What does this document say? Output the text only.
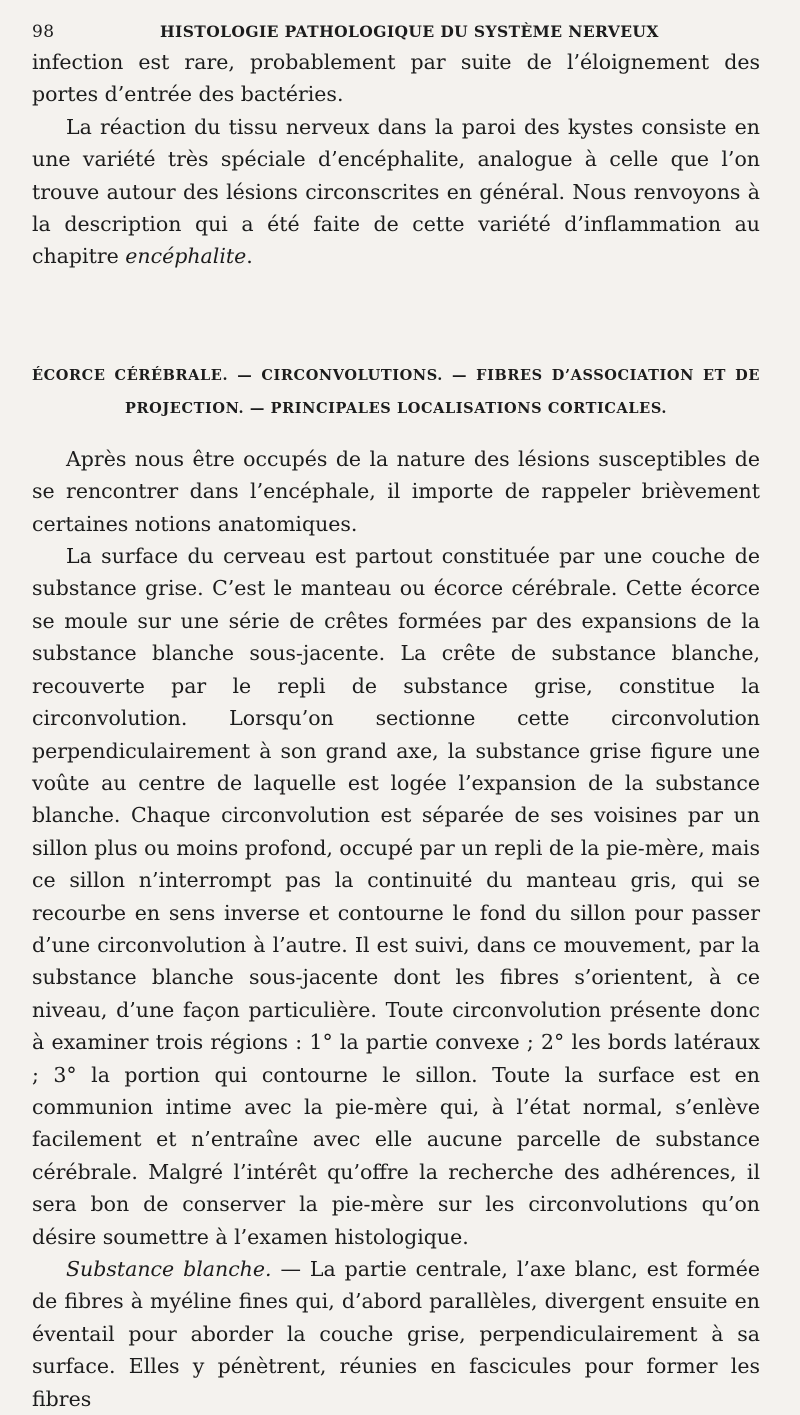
98	HISTOLOGIE PATHOLOGIQUE DU SYSTÈME NERVEUX

infection est rare, probablement par suite de l’éloignement des portes d’entrée des bactéries.

La réaction du tissu nerveux dans la paroi des kystes consiste en une variété très spéciale d’encéphalite, analogue à celle que l’on trouve autour des lésions circonscrites en général. Nous renvoyons à la description qui a été faite de cette variété d’inflammation au chapitre encéphalite.

ÉCORCE CÉRÉBRALE. — CIRCONVOLUTIONS. — FIBRES D’ASSOCIATION ET DE
PROJECTION. — PRINCIPALES LOCALISATIONS CORTICALES.

Après nous être occupés de la nature des lésions susceptibles de se rencontrer dans l’encéphale, il importe de rappeler brièvement certaines notions anatomiques.

La surface du cerveau est partout constituée par une couche de substance grise. C’est le manteau ou écorce cérébrale. Cette écorce se moule sur une série de crêtes formées par des expansions de la substance blanche sous-jacente. La crête de substance blanche, recouverte par le repli de substance grise, constitue la circonvolution. Lorsqu’on sectionne cette circonvolution perpendiculairement à son grand axe, la substance grise figure une voûte au centre de laquelle est logée l’expansion de la substance blanche. Chaque circonvolution est séparée de ses voisines par un sillon plus ou moins profond, occupé par un repli de la pie-mère, mais ce sillon n’interrompt pas la continuité du manteau gris, qui se recourbe en sens inverse et contourne le fond du sillon pour passer d’une circonvolution à l’autre. Il est suivi, dans ce mouvement, par la substance blanche sous-jacente dont les fibres s’orientent, à ce niveau, d’une façon particulière. Toute circonvolution présente donc à examiner trois régions : 1° la partie convexe ; 2° les bords latéraux ; 3° la portion qui contourne le sillon. Toute la surface est en communion intime avec la pie-mère qui, à l’état normal, s’enlève facilement et n’entraîne avec elle aucune parcelle de substance cérébrale. Malgré l’intérêt qu’offre la recherche des adhérences, il sera bon de conserver la pie-mère sur les circonvolutions qu’on désire soumettre à l’examen histologique.

Substance blanche. — La partie centrale, l’axe blanc, est formée de fibres à myéline fines qui, d’abord parallèles, divergent ensuite en éventail pour aborder la couche grise, perpendiculairement à sa surface. Elles y pénètrent, réunies en fascicules pour former les fibres
